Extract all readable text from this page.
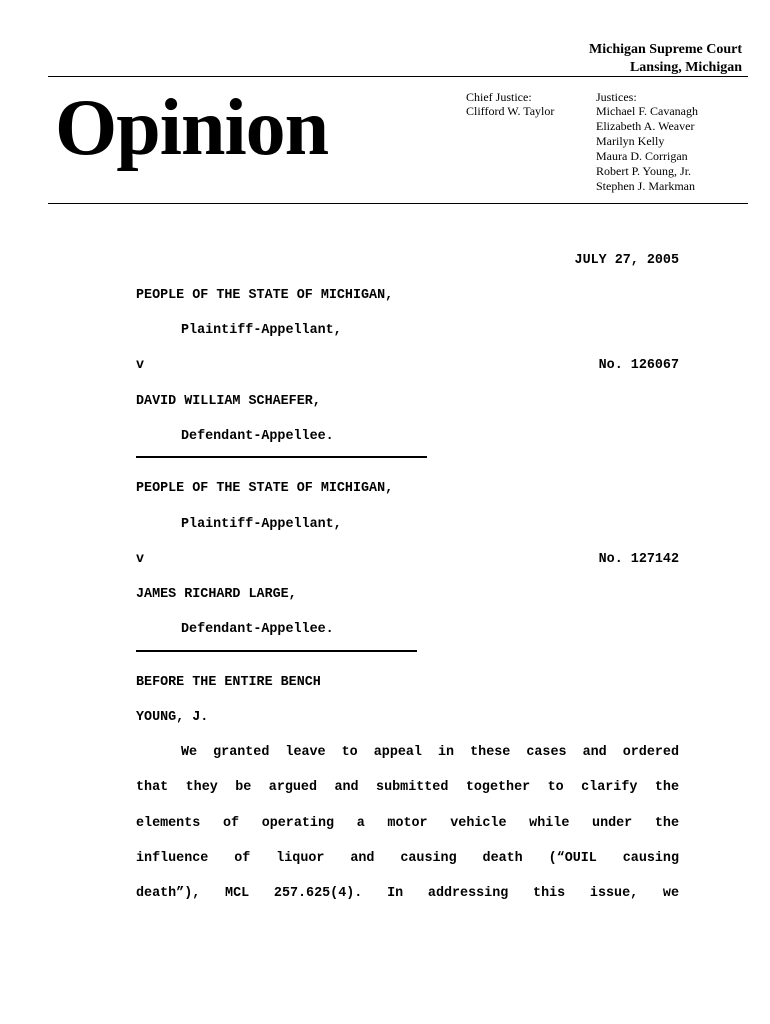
Michigan Supreme Court
Lansing, Michigan
Opinion	Chief Justice:
Clifford W. Taylor
Justices:
Michael F. Cavanagh
Elizabeth A. Weaver
Marilyn Kelly
Maura D. Corrigan
Robert P. Young, Jr.
Stephen J. Markman
JULY 27, 2005
PEOPLE OF THE STATE OF MICHIGAN,
Plaintiff-Appellant,
v	No. 126067
DAVID WILLIAM SCHAEFER,
Defendant-Appellee.
PEOPLE OF THE STATE OF MICHIGAN,
Plaintiff-Appellant,
v	No. 127142
JAMES RICHARD LARGE,
Defendant-Appellee.
BEFORE THE ENTIRE BENCH
YOUNG, J.
We granted leave to appeal in these cases and ordered
that they be argued and submitted together to clarify the
elements of operating a motor vehicle while under the
influence of liquor and causing death (“OUIL causing
death”), MCL 257.625(4). In addressing this issue, we
